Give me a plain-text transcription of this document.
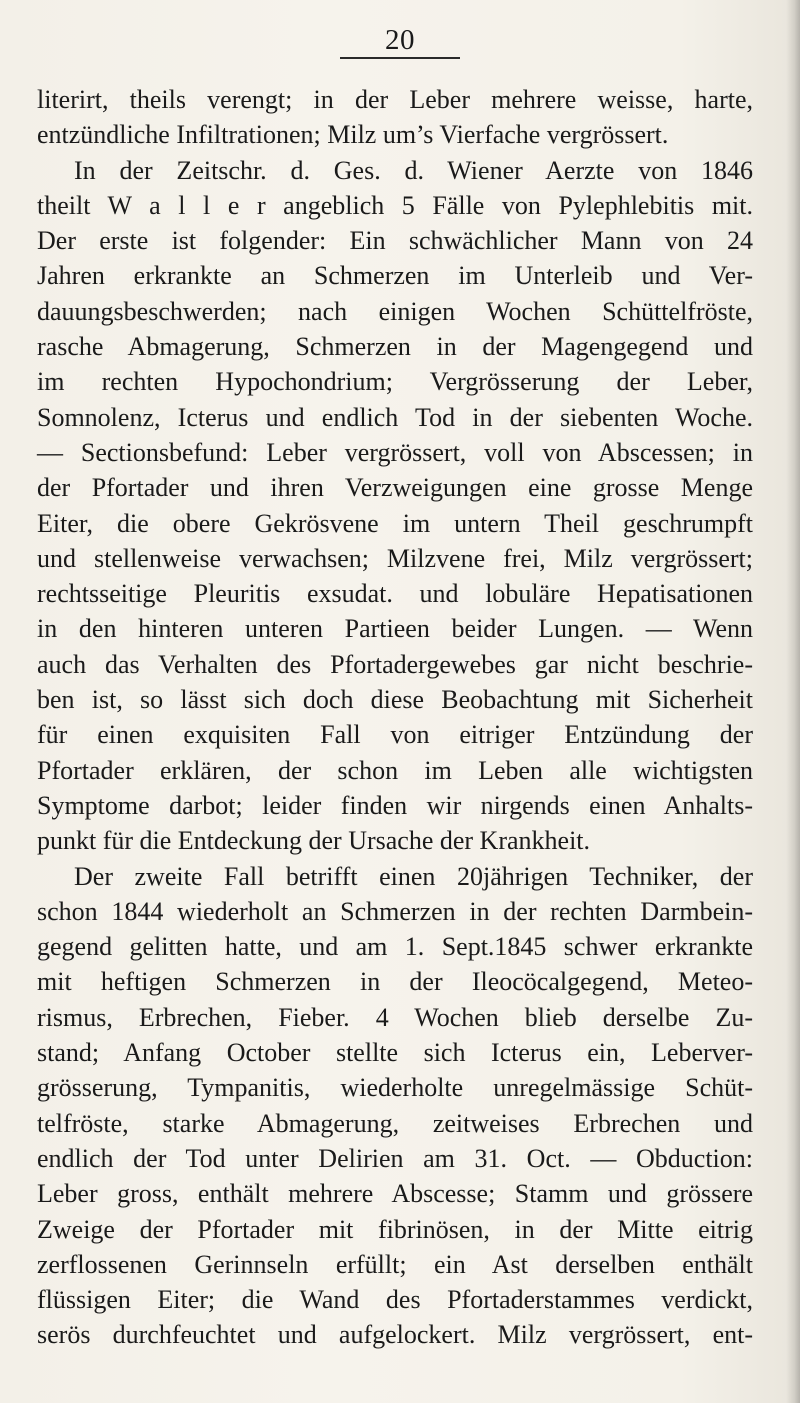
20
literirt, theils verengt; in der Leber mehrere weisse, harte,
entzündliche Infiltrationen; Milz um’s Vierfache vergrössert.
In der Zeitschr. d. Ges. d. Wiener Aerzte von 1846
theilt W a l l e r angeblich 5 Fälle von Pylephlebitis mit.
Der erste ist folgender: Ein schwächlicher Mann von 24
Jahren erkrankte an Schmerzen im Unterleib und Ver-
dauungsbeschwerden; nach einigen Wochen Schüttelfröste,
rasche Abmagerung, Schmerzen in der Magengegend und
im rechten Hypochondrium; Vergrösserung der Leber,
Somnolenz, Icterus und endlich Tod in der siebenten Woche.
— Sectionsbefund: Leber vergrössert, voll von Abscessen; in
der Pfortader und ihren Verzweigungen eine grosse Menge
Eiter, die obere Gekrösvene im untern Theil geschrumpft
und stellenweise verwachsen; Milzvene frei, Milz vergrössert;
rechtsseitige Pleuritis exsudat. und lobuläre Hepatisationen
in den hinteren unteren Partieen beider Lungen. — Wenn
auch das Verhalten des Pfortadergewebes gar nicht beschrie-
ben ist, so lässt sich doch diese Beobachtung mit Sicherheit
für einen exquisiten Fall von eitriger Entzündung der
Pfortader erklären, der schon im Leben alle wichtigsten
Symptome darbot; leider finden wir nirgends einen Anhalts-
punkt für die Entdeckung der Ursache der Krankheit.
Der zweite Fall betrifft einen 20jährigen Techniker, der
schon 1844 wiederholt an Schmerzen in der rechten Darmbein-
gegend gelitten hatte, und am 1. Sept.1845 schwer erkrankte
mit heftigen Schmerzen in der Ileocöcalgegend, Meteo-
rismus, Erbrechen, Fieber. 4 Wochen blieb derselbe Zu-
stand; Anfang October stellte sich Icterus ein, Leberver-
grösserung, Tympanitis, wiederholte unregelmässige Schüt-
telfröste, starke Abmagerung, zeitweises Erbrechen und
endlich der Tod unter Delirien am 31. Oct. — Obduction:
Leber gross, enthält mehrere Abscesse; Stamm und grössere
Zweige der Pfortader mit fibrinösen, in der Mitte eitrig
zerflossenen Gerinnseln erfüllt; ein Ast derselben enthält
flüssigen Eiter; die Wand des Pfortaderstammes verdickt,
serös durchfeuchtet und aufgelockert. Milz vergrössert, ent-
